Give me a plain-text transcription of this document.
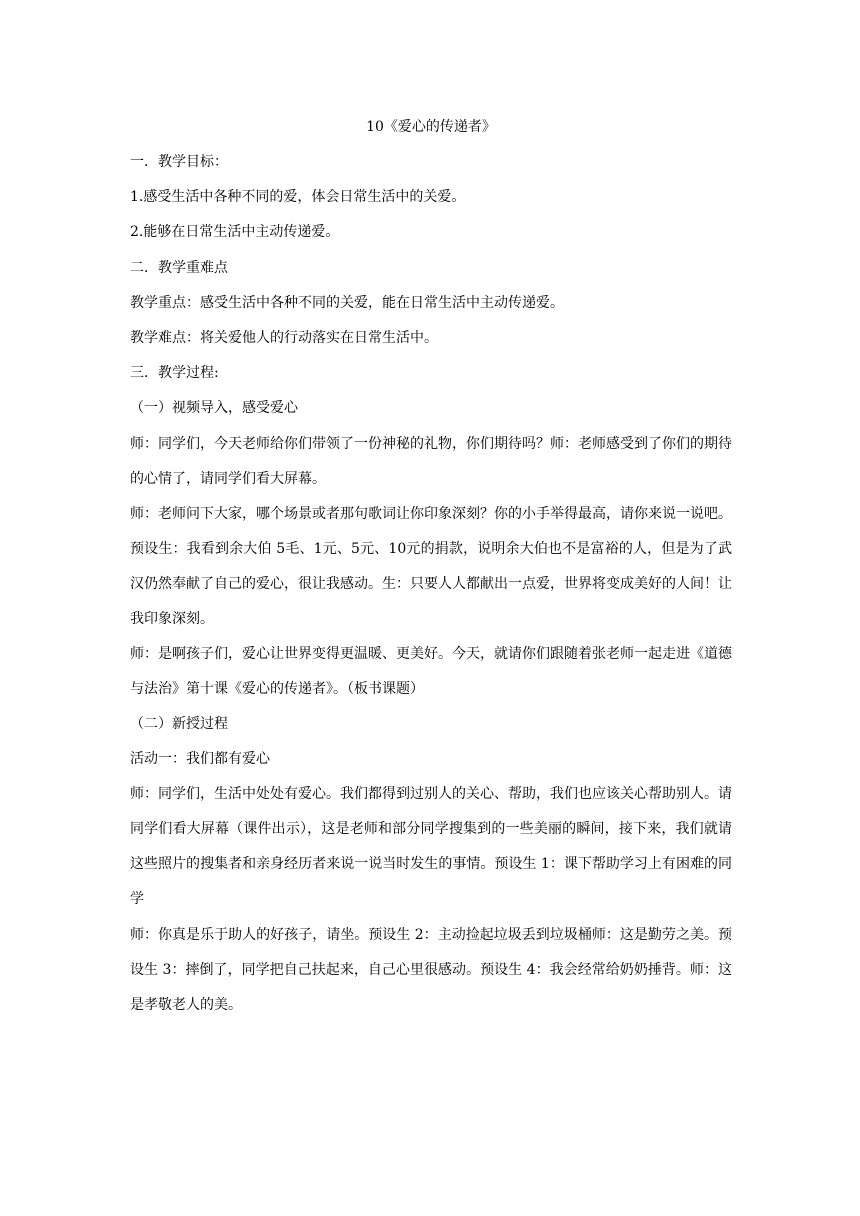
10《爱心的传递者》
一．教学目标：
1.感受生活中各种不同的爱，体会日常生活中的关爱。
2.能够在日常生活中主动传递爱。
二．教学重难点
教学重点：感受生活中各种不同的关爱，能在日常生活中主动传递爱。
教学难点：将关爱他人的行动落实在日常生活中。
三．教学过程:
（一）视频导入，感受爱心
师：同学们，今天老师给你们带领了一份神秘的礼物，你们期待吗？师：老师感受到了你们的期待的心情了，请同学们看大屏幕。
师：老师问下大家，哪个场景或者那句歌词让你印象深刻？你的小手举得最高，请你来说一说吧。预设生：我看到余大伯 5毛、1元、5元、10元的捐款，说明余大伯也不是富裕的人，但是为了武汉仍然奉献了自己的爱心，很让我感动。生：只要人人都献出一点爱，世界将变成美好的人间！让我印象深刻。
师：是啊孩子们，爱心让世界变得更温暖、更美好。今天，就请你们跟随着张老师一起走进《道德与法治》第十课《爱心的传递者》。（板书课题）
（二）新授过程
活动一：我们都有爱心
师：同学们，生活中处处有爱心。我们都得到过别人的关心、帮助，我们也应该关心帮助别人。请同学们看大屏幕（课件出示），这是老师和部分同学搜集到的一些美丽的瞬间，接下来，我们就请这些照片的搜集者和亲身经历者来说一说当时发生的事情。预设生 1：课下帮助学习上有困难的同学
师：你真是乐于助人的好孩子，请坐。预设生 2：主动捡起垃圾丢到垃圾桶师：这是勤劳之美。预设生 3：摔倒了，同学把自己扶起来，自己心里很感动。预设生 4：我会经常给奶奶捶背。师：这是孝敬老人的美。
